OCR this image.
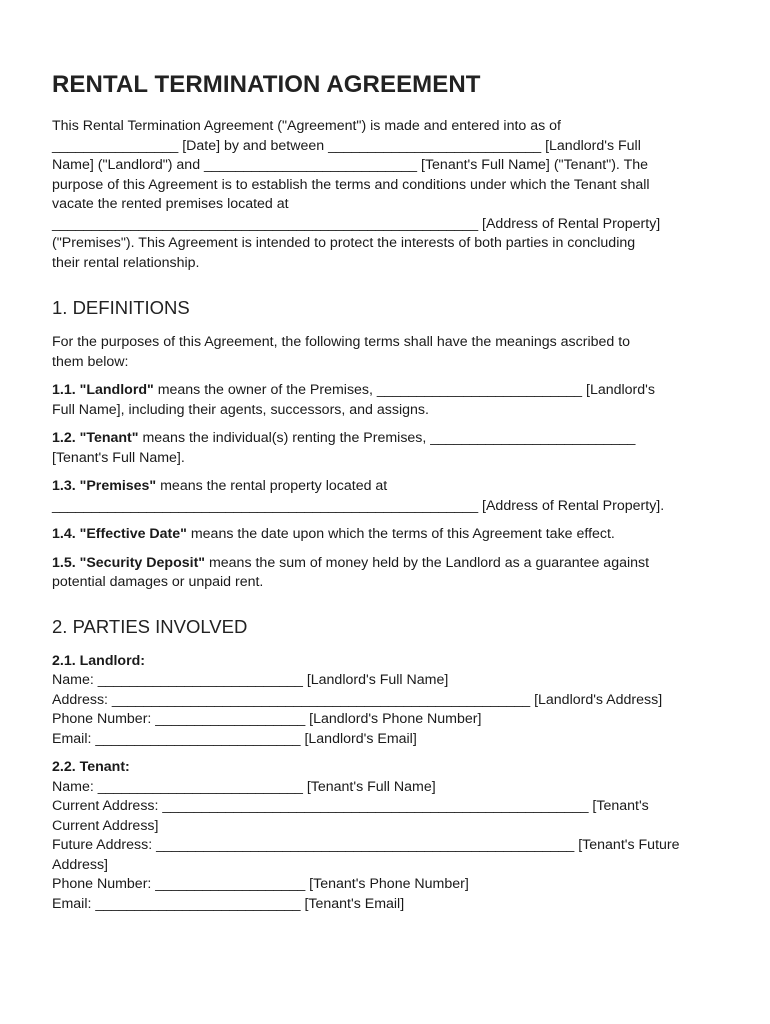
RENTAL TERMINATION AGREEMENT

This Rental Termination Agreement ("Agreement") is made and entered into as of

________________ [Date] by and between ___________________________ [Landlord's Full

Name] ("Landlord") and ___________________________ [Tenant's Full Name] ("Tenant"). The

purpose of this Agreement is to establish the terms and conditions under which the Tenant shall

vacate the rented premises located at

______________________________________________________ [Address of Rental Property]

("Premises"). This Agreement is intended to protect the interests of both parties in concluding

their rental relationship.

1. DEFINITIONS

For the purposes of this Agreement, the following terms shall have the meanings ascribed to

them below:

1.1. "Landlord" means the owner of the Premises, __________________________ [Landlord's

Full Name], including their agents, successors, and assigns.

1.2. "Tenant" means the individual(s) renting the Premises, __________________________

[Tenant's Full Name].

1.3. "Premises" means the rental property located at

______________________________________________________ [Address of Rental Property].

1.4. "Effective Date" means the date upon which the terms of this Agreement take effect.

1.5. "Security Deposit" means the sum of money held by the Landlord as a guarantee against

potential damages or unpaid rent.

2. PARTIES INVOLVED

2.1. Landlord:

Name: __________________________ [Landlord's Full Name]

Address: _____________________________________________________ [Landlord's Address]

Phone Number: ___________________ [Landlord's Phone Number]

Email: __________________________ [Landlord's Email]

2.2. Tenant:

Name: __________________________ [Tenant's Full Name]

Current Address: ______________________________________________________ [Tenant's

Current Address]

Future Address: _____________________________________________________ [Tenant's Future

Address]

Phone Number: ___________________ [Tenant's Phone Number]

Email: __________________________ [Tenant's Email]
